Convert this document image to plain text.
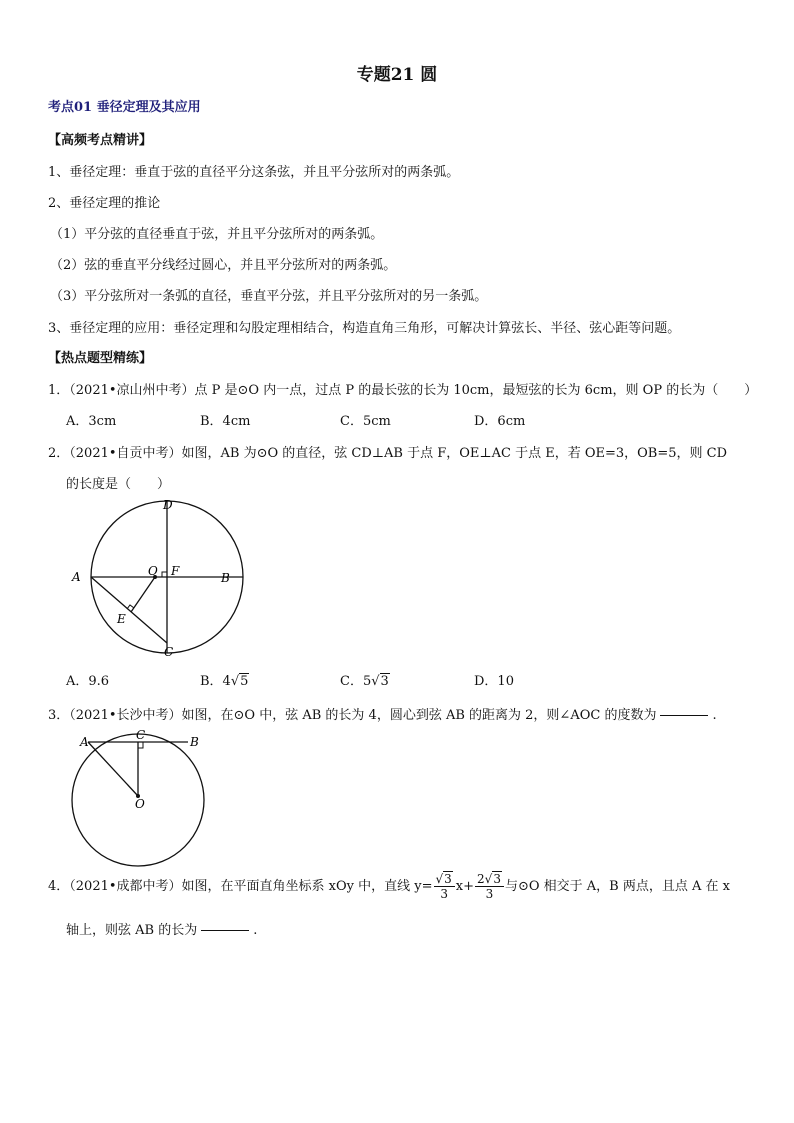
专题21 圆
考点01 垂径定理及其应用
【高频考点精讲】
1、垂径定理：垂直于弦的直径平分这条弦，并且平分弦所对的两条弧。
2、垂径定理的推论
（1）平分弦的直径垂直于弦，并且平分弦所对的两条弧。
（2）弦的垂直平分线经过圆心，并且平分弦所对的两条弧。
（3）平分弦所对一条弧的直径，垂直平分弦，并且平分弦所对的另一条弧。
3、垂径定理的应用：垂径定理和勾股定理相结合，构造直角三角形，可解决计算弦长、半径、弦心距等问题。
【热点题型精练】
1．（2021•凉山州中考）点 P 是⊙O 内一点，过点 P 的最长弦的长为 10cm，最短弦的长为 6cm，则 OP 的长为（　　）
A．3cm	B．4cm	C．5cm	D．6cm
2．（2021•自贡中考）如图，AB 为⊙O 的直径，弦 CD⊥AB 于点 F，OE⊥AC 于点 E，若 OE=3，OB=5，则 CD
的长度是（　　）
A	B
C
D
E
F
O
A．9.6	B．4√5	C．5√3	D．10
3．（2021•长沙中考）如图，在⊙O 中，弦 AB 的长为 4，圆心到弦 AB 的距离为 2，则∠AOC 的度数为	.
A	B
C
O
4．（2021•成都中考）如图，在平面直角坐标系 xOy 中，直线 $y= \frac{√3}{3} x+ \frac{2√3}{3}$ 与⊙O 相交于 A，B 两点，且点 A 在 x
轴上，则弦 AB 的长为	.
